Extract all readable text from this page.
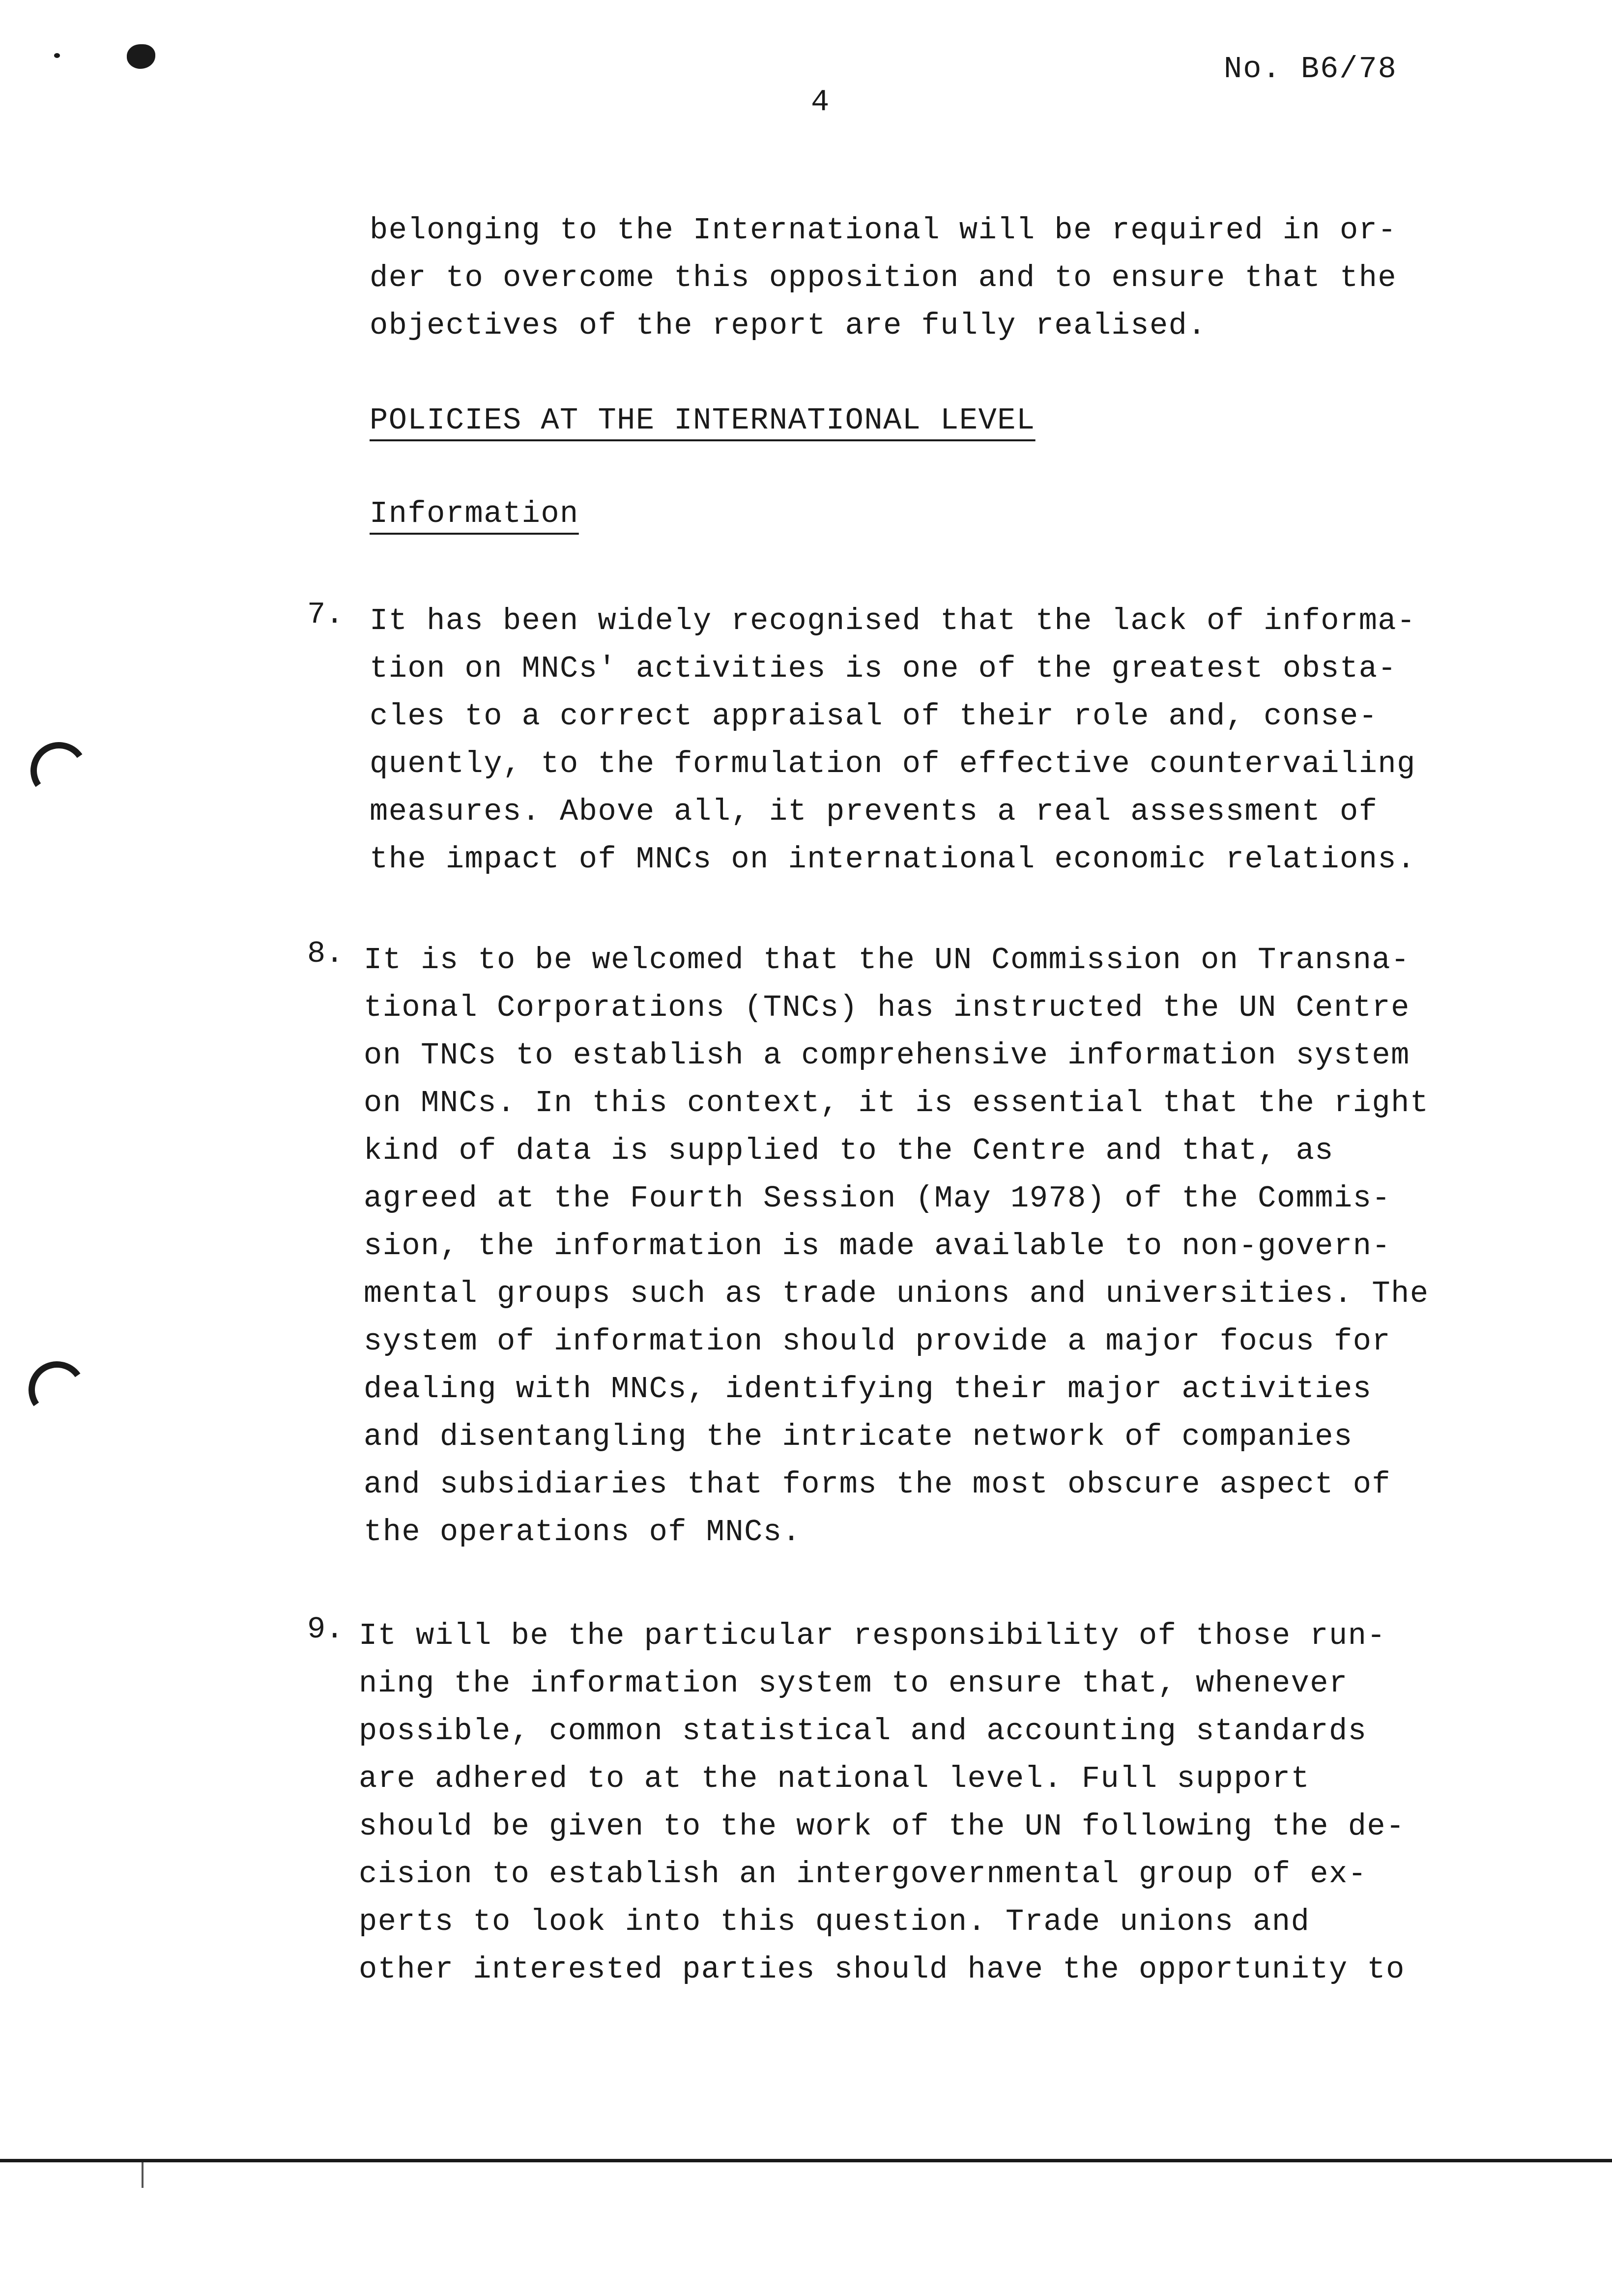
No. B6/78
4
belonging to the International will be required in or-
der to overcome this opposition and to ensure that the
objectives of the report are fully realised.
POLICIES AT THE INTERNATIONAL LEVEL
Information
7. It has been widely recognised that the lack of informa-
tion on MNCs' activities is one of the greatest obsta-
cles to a correct appraisal of their role and, conse-
quently, to the formulation of effective countervailing
measures. Above all, it prevents a real assessment of
the impact of MNCs on international economic relations.
8. It is to be welcomed that the UN Commission on Transna-
tional Corporations (TNCs) has instructed the UN Centre
on TNCs to establish a comprehensive information system
on MNCs. In this context, it is essential that the right
kind of data is supplied to the Centre and that, as
agreed at the Fourth Session (May 1978) of the Commis-
sion, the information is made available to non-govern-
mental groups such as trade unions and universities. The
system of information should provide a major focus for
dealing with MNCs, identifying their major activities
and disentangling the intricate network of companies
and subsidiaries that forms the most obscure aspect of
the operations of MNCs.
9. It will be the particular responsibility of those run-
ning the information system to ensure that, whenever
possible, common statistical and accounting standards
are adhered to at the national level. Full support
should be given to the work of the UN following the de-
cision to establish an intergovernmental group of ex-
perts to look into this question. Trade unions and
other interested parties should have the opportunity to
